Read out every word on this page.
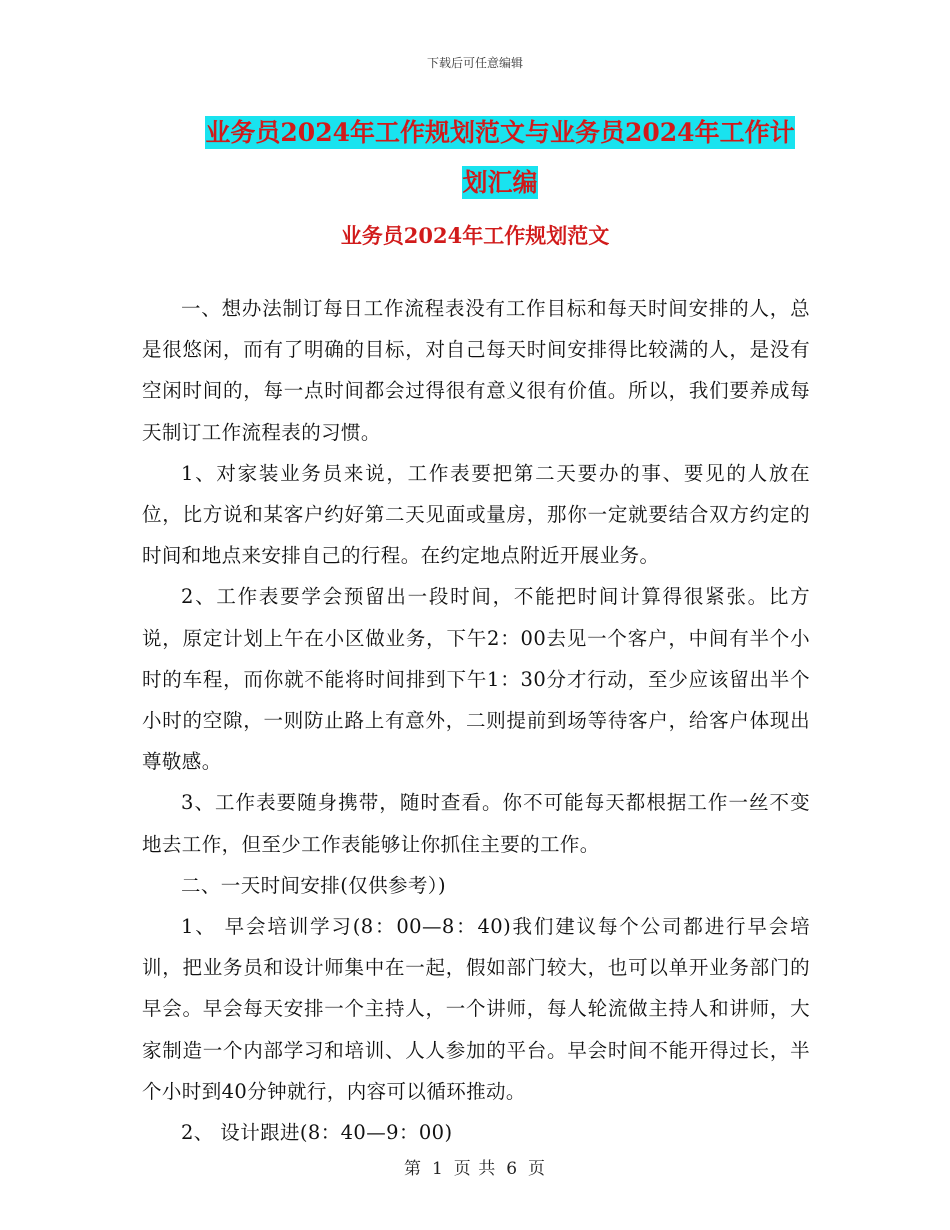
下载后可任意编辑
业务员2024年工作规划范文与业务员2024年工作计
划汇编
业务员2024年工作规划范文

一、想办法制订每日工作流程表没有工作目标和每天时间安排的人，总是很悠闲，而有了明确的目标，对自己每天时间安排得比较满的人，是没有空闲时间的，每一点时间都会过得很有意义很有价值。所以，我们要养成每天制订工作流程表的习惯。

1、对家装业务员来说，工作表要把第二天要办的事、要见的人放在位，比方说和某客户约好第二天见面或量房，那你一定就要结合双方约定的时间和地点来安排自己的行程。在约定地点附近开展业务。

2、工作表要学会预留出一段时间，不能把时间计算得很紧张。比方说，原定计划上午在小区做业务，下午2：00去见一个客户，中间有半个小时的车程，而你就不能将时间排到下午1：30分才行动，至少应该留出半个小时的空隙，一则防止路上有意外，二则提前到场等待客户，给客户体现出尊敬感。

3、工作表要随身携带，随时查看。你不可能每天都根据工作一丝不变地去工作，但至少工作表能够让你抓住主要的工作。

二、一天时间安排(仅供参考）)

1、 早会培训学习(8：00—8：40)我们建议每个公司都进行早会培训，把业务员和设计师集中在一起，假如部门较大，也可以单开业务部门的早会。早会每天安排一个主持人，一个讲师，每人轮流做主持人和讲师，大家制造一个内部学习和培训、人人参加的平台。早会时间不能开得过长，半个小时到40分钟就行，内容可以循环推动。

2、 设计跟进(8：40—9：00)

第 1 页 共 6 页
